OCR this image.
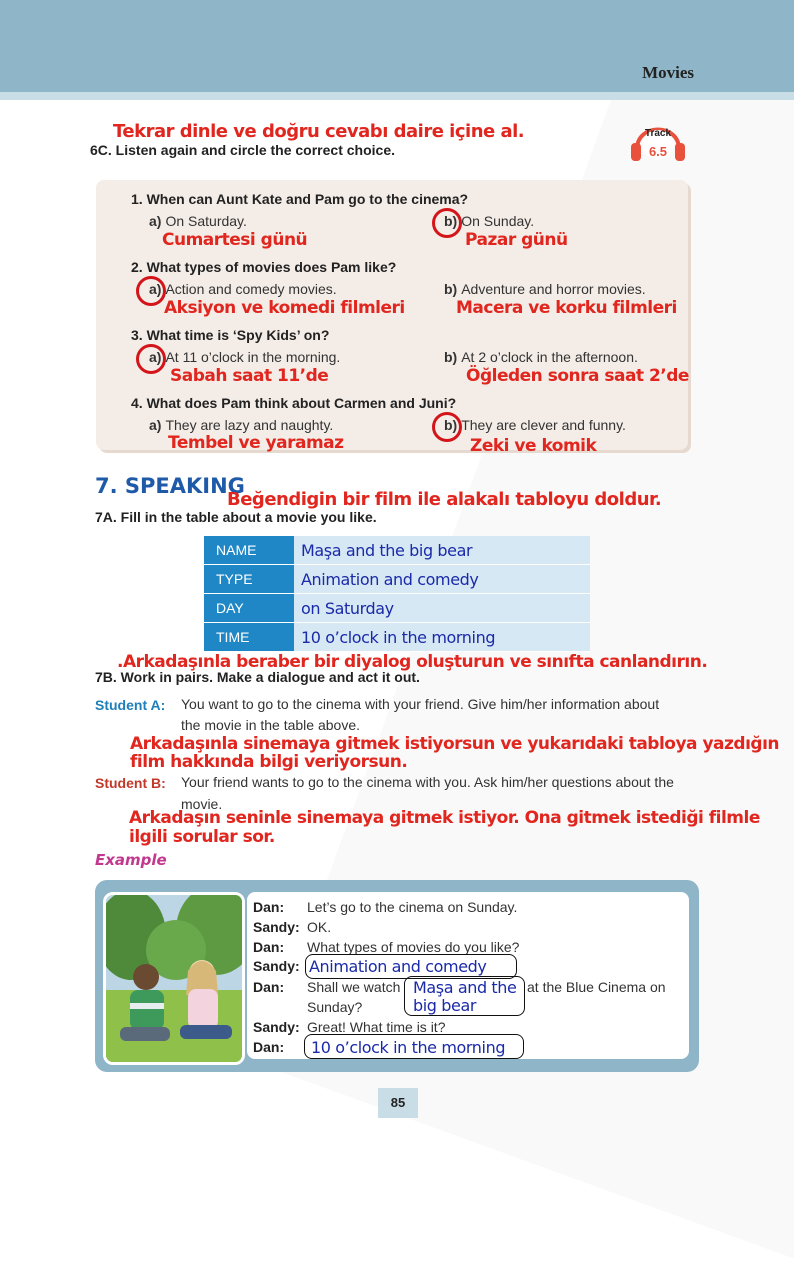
Movies
Tekrar dinle ve doğru cevabı daire içine al.
6C. Listen again and circle the correct choice.
Track
6.5
1. When can Aunt Kate and Pam go to the cinema?
a) On Saturday.
Cumartesi günü
b) On Sunday.
Pazar günü
2. What types of movies does Pam like?
a) Action and comedy movies.
Aksiyon ve komedi filmleri
b) Adventure and horror movies.
Macera ve korku filmleri
3. What time is ‘Spy Kids’ on?
a) At 11 o’clock in the morning.
Sabah saat 11’de
b) At 2 o’clock in the afternoon.
Öğleden sonra saat 2’de
4. What does Pam think about Carmen and Juni?
a) They are lazy and naughty.
Tembel ve yaramaz
b) They are clever and funny.
Zeki ve komik
7. SPEAKING
Beğendigin bir film ile alakalı tabloyu doldur.
7A. Fill in the table about a movie you like.
NAME	Maşa and the big bear
TYPE	Animation and comedy
DAY	on Saturday
TIME	10 o’clock in the morning
.Arkadaşınla beraber bir diyalog oluşturun ve sınıfta canlandırın.
7B. Work in pairs. Make a dialogue and act it out.
Student A: You want to go to the cinema with your friend. Give him/her information about
the movie in the table above.
Arkadaşınla sinemaya gitmek istiyorsun ve yukarıdaki tabloya yazdığın
film hakkında bilgi veriyorsun.
Student B: Your friend wants to go to the cinema with you. Ask him/her questions about the
movie.
Arkadaşın seninle sinemaya gitmek istiyor. Ona gitmek istediği filmle
ilgili sorular sor.
Example
Dan: Let’s go to the cinema on Sunday.
Sandy: OK.
Dan: What types of movies do you like?
Sandy: Animation and comedy
Dan: Shall we watch Maşa and the
big bear
at the Blue Cinema on
Sunday?
Sandy: Great! What time is it?
Dan:	10 o’clock in the morning
85
